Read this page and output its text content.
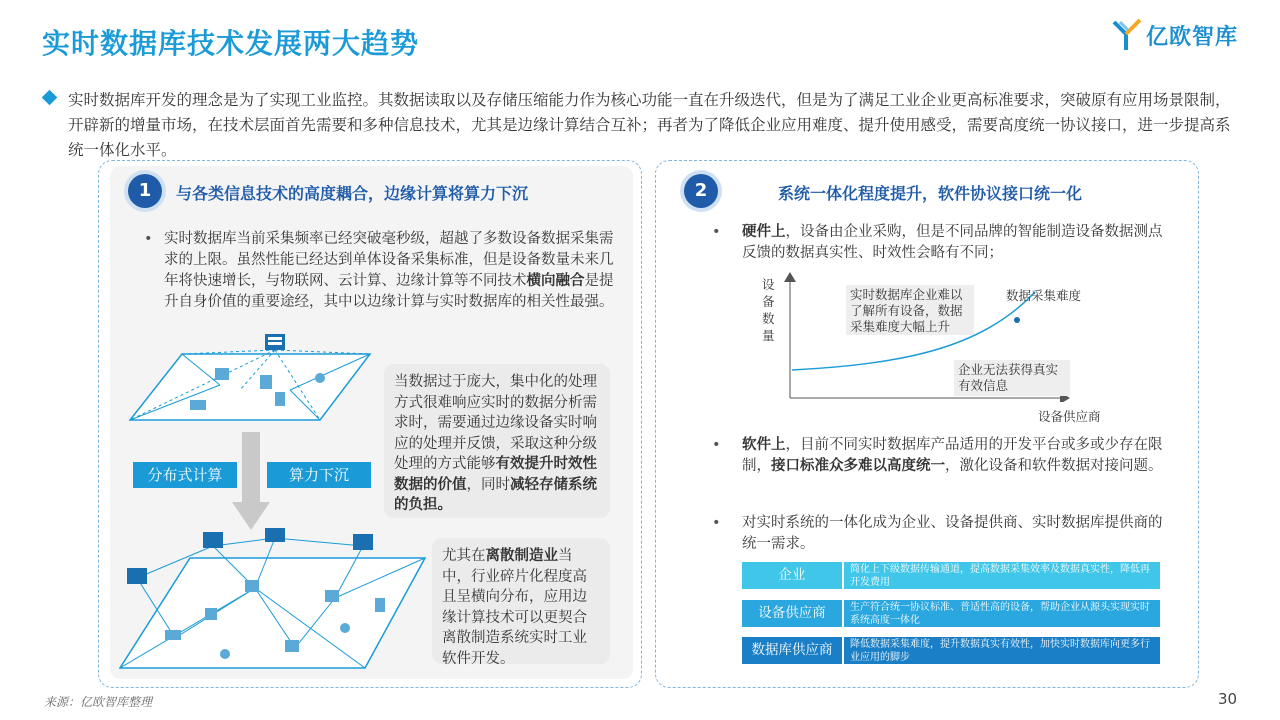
实时数据库技术发展两大趋势	亿欧智库
实时数据库开发的理念是为了实现工业监控。其数据读取以及存储压缩能力作为核心功能一直在升级迭代，但是为了满足工业企业更高标准要求，突破原有应用场景限制，开辟新的增量市场，在技术层面首先需要和多种信息技术，尤其是边缘计算结合互补；再者为了降低企业应用难度、提升使用感受，需要高度统一协议接口，进一步提高系统一体化水平。
1	与各类信息技术的高度耦合，边缘计算将算力下沉
• 实时数据库当前采集频率已经突破毫秒级，超越了多数设备数据采集需求的上限。虽然性能已经达到单体设备采集标准，但是设备数量未来几年将快速增长，与物联网、云计算、边缘计算等不同技术横向融合是提升自身价值的重要途经，其中以边缘计算与实时数据库的相关性最强。
分布式计算	算力下沉
当数据过于庞大，集中化的处理方式很难响应实时的数据分析需求时，需要通过边缘设备实时响应的处理并反馈，采取这种分级处理的方式能够有效提升时效性数据的价值，同时减轻存储系统的负担。
尤其在离散制造业当中，行业碎片化程度高且呈横向分布，应用边缘计算技术可以更契合离散制造系统实时工业软件开发。
2	系统一体化程度提升，软件协议接口统一化
• 硬件上，设备由企业采购，但是不同品牌的智能制造设备数据测点反馈的数据真实性、时效性会略有不同；
设
备
数
量
设备供应商
数据采集难度
实时数据库企业难以了解所有设备，数据采集难度大幅上升
企业无法获得真实有效信息
• 软件上，目前不同实时数据库产品适用的开发平台或多或少存在限制，接口标准众多难以高度统一，激化设备和软件数据对接问题。
• 对实时系统的一体化成为企业、设备提供商、实时数据库提供商的统一需求。
企业	简化上下级数据传输通道，提高数据采集效率及数据真实性，降低再开发费用
设备供应商	生产符合统一协议标准、普适性高的设备，帮助企业从源头实现实时系统高度一体化
数据库供应商	降低数据采集难度，提升数据真实有效性，加快实时数据库向更多行业应用的脚步
来源：亿欧智库整理	30
